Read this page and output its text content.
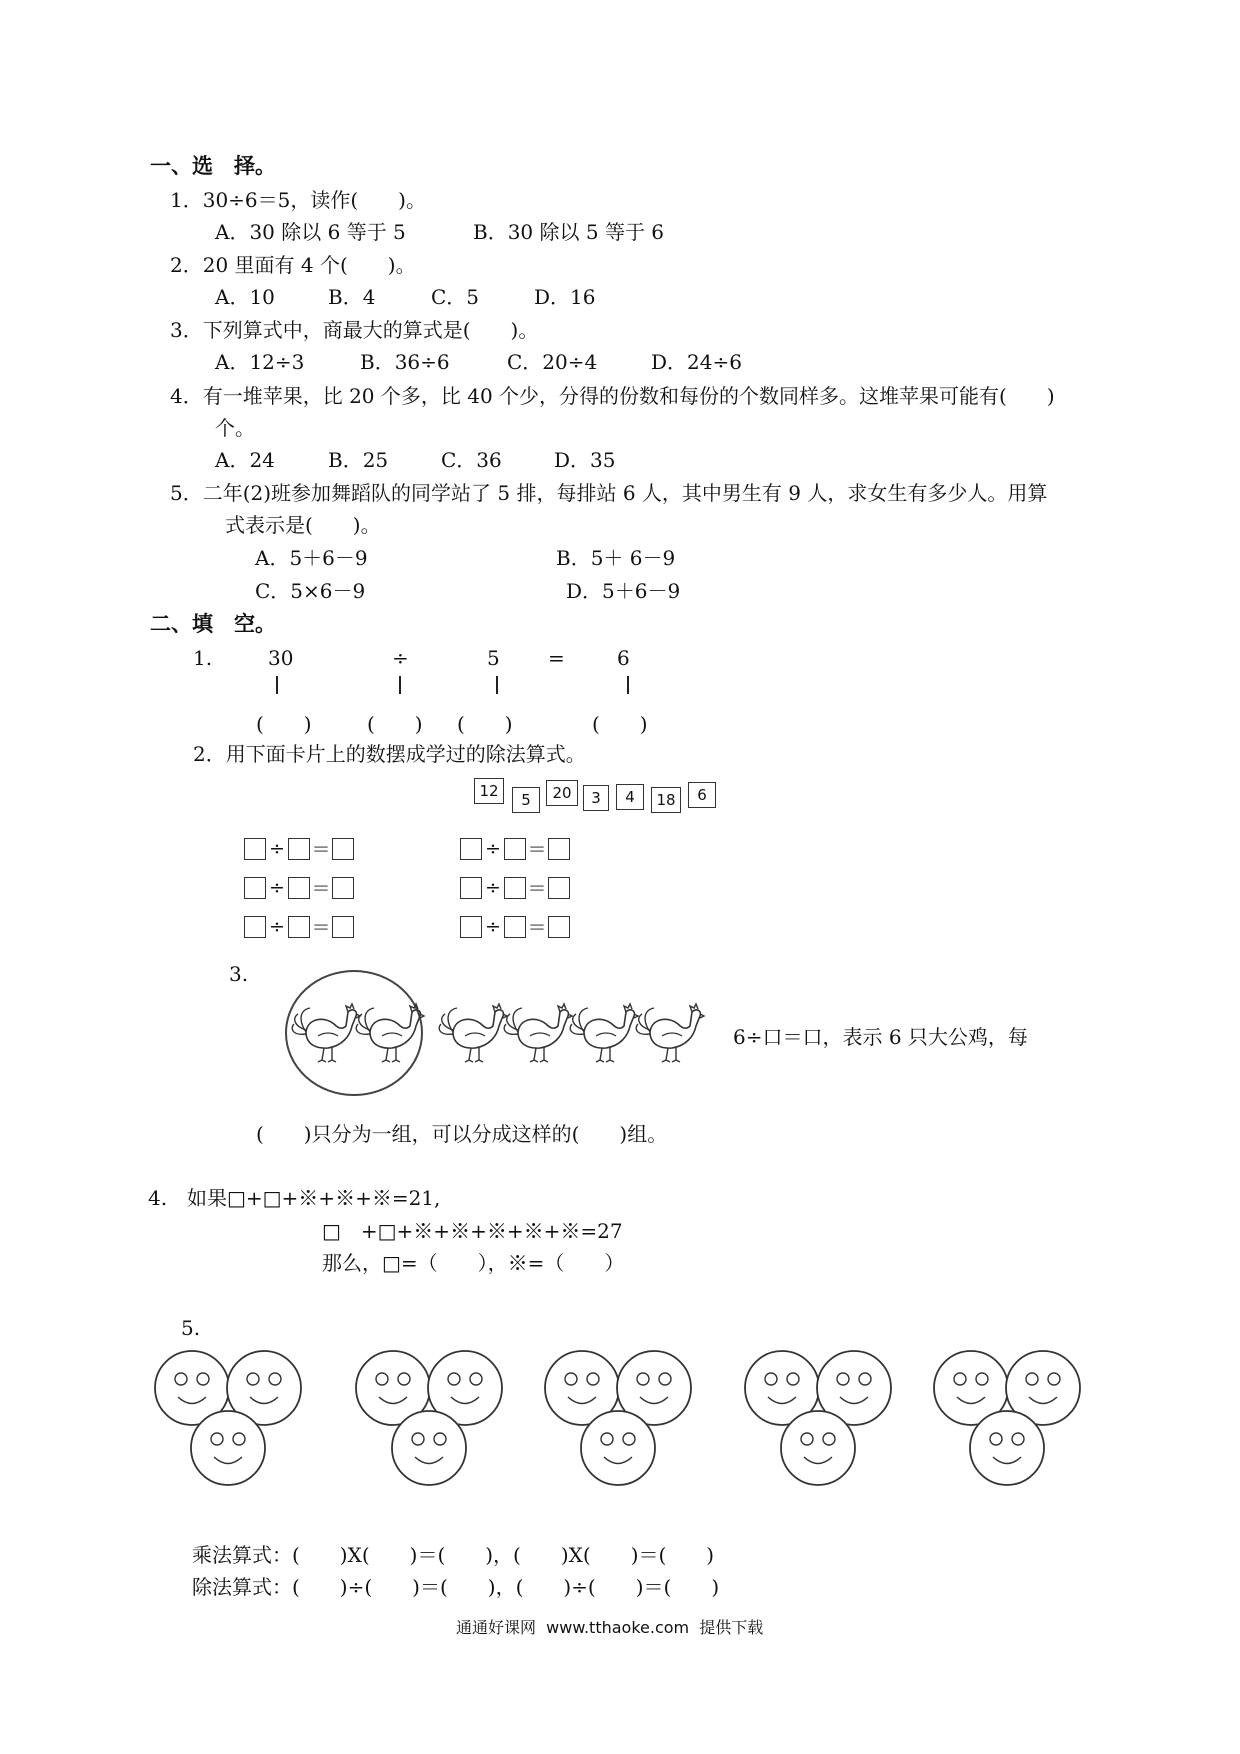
一、选　择。
1．30÷6＝5，读作(　　)。
A．30 除以 6 等于 5	B．30 除以 5 等于 6
2．20 里面有 4 个(　　)。
A．10	B．4	C．5	D．16
3．下列算式中，商最大的算式是(　　)。
A．12÷3	B．36÷6	C．20÷4	D．24÷6
4．有一堆苹果，比 20 个多，比 40 个少，分得的份数和每份的个数同样多。这堆苹果可能有(　　)
个。
A．24	B．25	C．36	D．35
5．二年(2)班参加舞蹈队的同学站了 5 排，每排站 6 人，其中男生有 9 人，求女生有多少人。用算
式表示是(　　)。
A．5＋6－9	B．5＋ 6－9
C．5×6－9	D．5＋6－9
二、填　空。
1.	30	÷	5 =	6
(　　)	(　　) (　　)	(　　)
2．用下面卡片上的数摆成学过的除法算式。
12	5	20	3	4	18	6
÷ ＝	÷ ＝
÷ ＝	÷ ＝
÷ ＝	÷ ＝
3.
6÷口＝口，表示 6 只大公鸡，每
(　　)只分为一组，可以分成这样的(　　)组。
4. 如果□+□+※+※+※=21,
□　+□+※+※+※+※+※=27
那么，□=（　　），※=（　　）
5.
乘法算式：(　　)X(　　)＝(　　)，(　　)X(　　)＝(　　)
除法算式：(　　)÷(　　)＝(　　)，(　　)÷(　　)＝(　　)
通通好课网  www.tthaoke.com  提供下载
